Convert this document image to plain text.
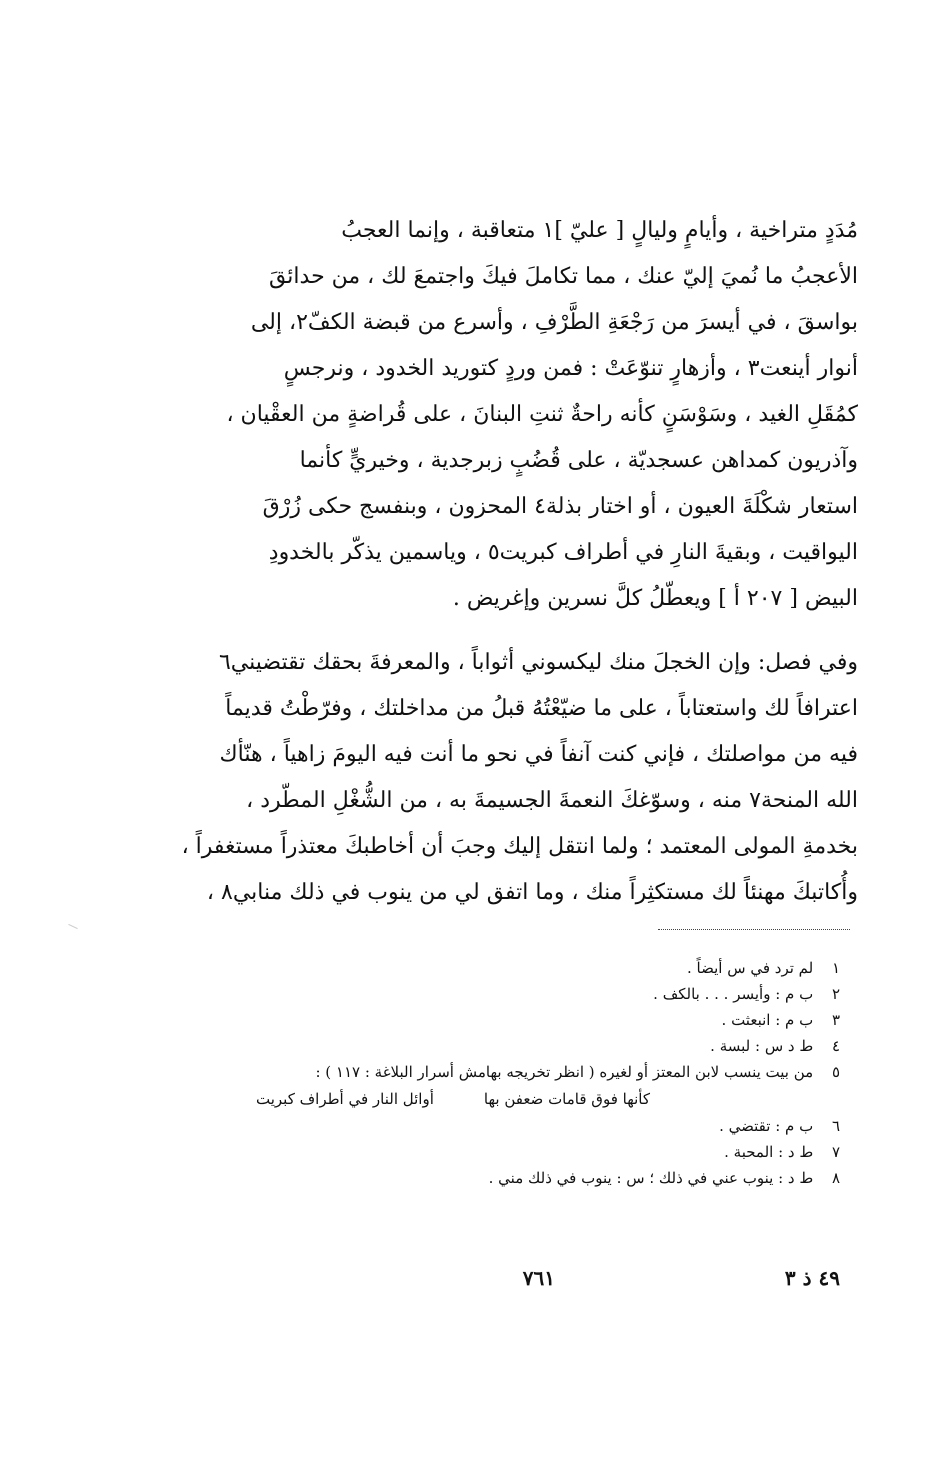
مُدَدٍ متراخية ، وأيامٍ وليالٍ [ عليّ ]١ متعاقبة ، وإنما العجبُ
الأعجبُ ما نُميَ إليّ عنك ، مما تكاملَ فيكَ واجتمعَ لك ، من حدائقَ
بواسقَ ، في أيسرَ من رَجْعَةِ الطَّرْفِ ، وأسرع من قبضة الكفّ٢، إلى
أنوار أينعت٣ ، وأزهارٍ تنوّعَتْ : فمن وردٍ كتوريد الخدود ، ونرجسٍ
كمُقَلِ الغيد ، وسَوْسَنٍ كأنه راحةٌ ثنتِ البنانَ ، على قُراضةٍ من العقْيان ،
وآذريون كمداهن عسجديّة ، على قُضُبٍ زبرجدية ، وخيريٍّ كأنما
استعار شكْلَةَ العيون ، أو اختار بذلة٤ المحزون ، وبنفسج حكى زُرْقَ
اليواقيت ، وبقيةَ النارِ في أطراف كبريت٥ ، وياسمين يذكّر بالخدودِ
البيض [ ٢٠٧ أ ] ويعطّلُ كلَّ نسرين وإغريض .
وفي فصل: وإن الخجلَ منك ليكسوني أثواباً ، والمعرفةَ بحقك تقتضيني٦
اعترافاً لك واستعتاباً ، على ما ضيّعْتُهُ قبلُ من مداخلتك ، وفرّطْتُ قديماً
فيه من مواصلتك ، فإني كنت آنفاً في نحو ما أنت فيه اليومَ زاهياً ، هنّأك
الله المنحة٧ منه ، وسوّغكَ النعمةَ الجسيمةَ به ، من الشُّغْلِ المطّرد ،
بخدمةِ المولى المعتمد ؛ ولما انتقل إليك وجبَ أن أخاطبكَ معتذراً مستغفراً ،
وأُكاتبكَ مهنئاً لك مستكثِراً منك ، وما اتفق لي من ينوب في ذلك منابي٨ ،
١ لم ترد في س أيضاً .
٢ ب م : وأيسر . . . بالكف .
٣ ب م : انبعثت .
٤ ط د س : لبسة .
٥ من بيت ينسب لابن المعتز أو لغيره ( انظر تخريجه بهامش أسرار البلاغة : ١١٧ ) :
كأنها فوق قامات ضعفن بها
أوائل النار في أطراف كبريت
٦ ب م : تقتضي .
٧ ط د : المحبة .
٨ ط د : ينوب عني في ذلك ؛ س : ينوب في ذلك مني .
٤٩ ذ ٣
٧٦١
